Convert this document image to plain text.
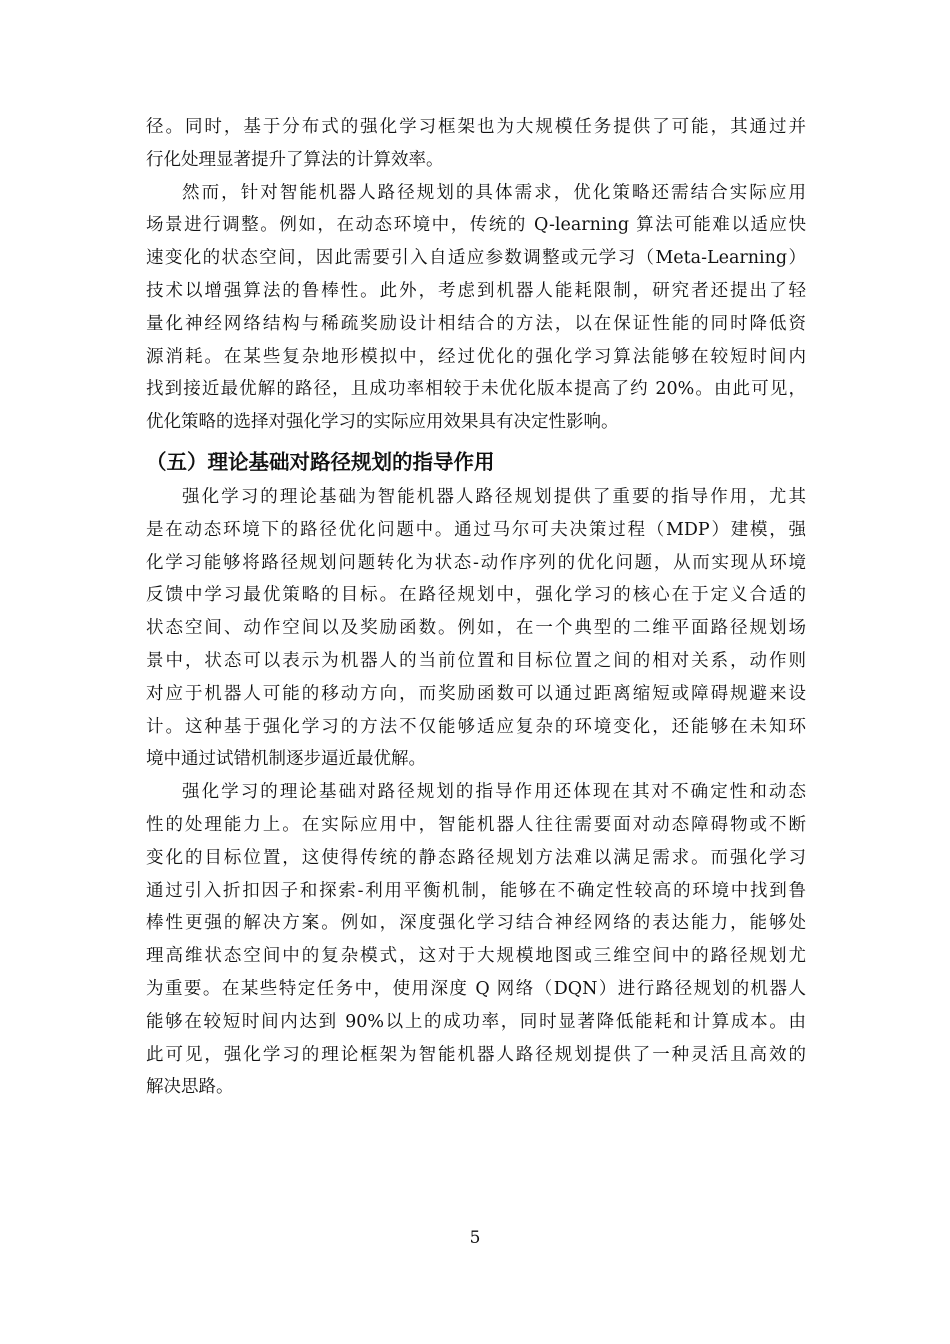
径。同时，基于分布式的强化学习框架也为大规模任务提供了可能，其通过并
行化处理显著提升了算法的计算效率。
然而，针对智能机器人路径规划的具体需求，优化策略还需结合实际应用
场景进行调整。例如，在动态环境中，传统的 Q-learning 算法可能难以适应快
速变化的状态空间，因此需要引入自适应参数调整或元学习（Meta-Learning）
技术以增强算法的鲁棒性。此外，考虑到机器人能耗限制，研究者还提出了轻
量化神经网络结构与稀疏奖励设计相结合的方法，以在保证性能的同时降低资
源消耗。在某些复杂地形模拟中，经过优化的强化学习算法能够在较短时间内
找到接近最优解的路径，且成功率相较于未优化版本提高了约 20%。由此可见，
优化策略的选择对强化学习的实际应用效果具有决定性影响。
（五）理论基础对路径规划的指导作用
强化学习的理论基础为智能机器人路径规划提供了重要的指导作用，尤其
是在动态环境下的路径优化问题中。通过马尔可夫决策过程（MDP）建模，强
化学习能够将路径规划问题转化为状态-动作序列的优化问题，从而实现从环境
反馈中学习最优策略的目标。在路径规划中，强化学习的核心在于定义合适的
状态空间、动作空间以及奖励函数。例如，在一个典型的二维平面路径规划场
景中，状态可以表示为机器人的当前位置和目标位置之间的相对关系，动作则
对应于机器人可能的移动方向，而奖励函数可以通过距离缩短或障碍规避来设
计。这种基于强化学习的方法不仅能够适应复杂的环境变化，还能够在未知环
境中通过试错机制逐步逼近最优解。
强化学习的理论基础对路径规划的指导作用还体现在其对不确定性和动态
性的处理能力上。在实际应用中，智能机器人往往需要面对动态障碍物或不断
变化的目标位置，这使得传统的静态路径规划方法难以满足需求。而强化学习
通过引入折扣因子和探索-利用平衡机制，能够在不确定性较高的环境中找到鲁
棒性更强的解决方案。例如，深度强化学习结合神经网络的表达能力，能够处
理高维状态空间中的复杂模式，这对于大规模地图或三维空间中的路径规划尤
为重要。在某些特定任务中，使用深度 Q 网络（DQN）进行路径规划的机器人
能够在较短时间内达到 90%以上的成功率，同时显著降低能耗和计算成本。由
此可见，强化学习的理论框架为智能机器人路径规划提供了一种灵活且高效的
解决思路。
5
